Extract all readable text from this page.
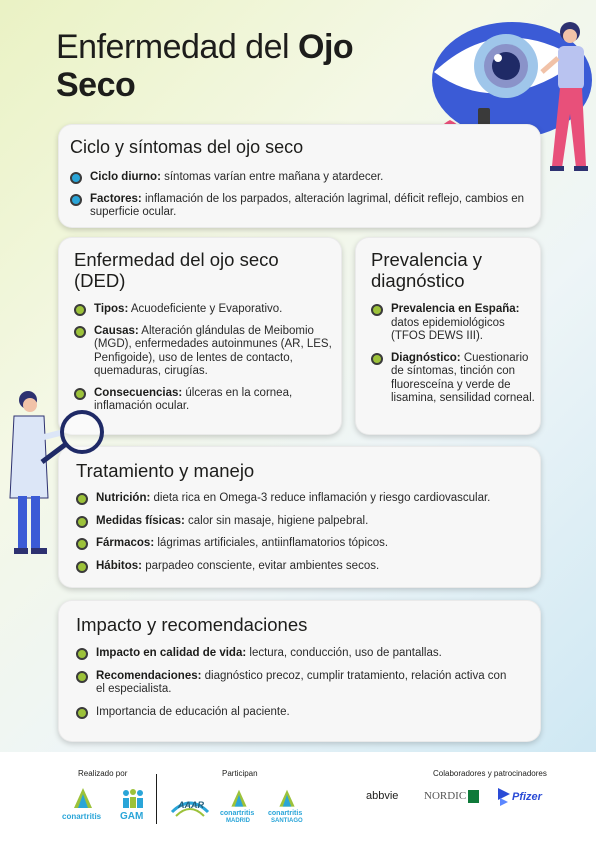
Enfermedad del Ojo
Seco
Ciclo y síntomas del ojo seco
Ciclo diurno: síntomas varían entre mañana y atardecer.
Factores: inflamación de los parpados, alteración lagrimal, déficit reflejo, cambios en superficie ocular.
Enfermedad del ojo seco (DED)
Tipos: Acuodeficiente y Evaporativo.
Causas: Alteración glándulas de Meibomio (MGD), enfermedades autoinmunes (AR, LES, Penfigoide), uso de lentes de contacto, quemaduras, cirugías.
Consecuencias: úlceras en la cornea, inflamación ocular.
Prevalencia y diagnóstico
Prevalencia en España: datos epidemiológicos (TFOS DEWS III).
Diagnóstico: Cuestionario de síntomas, tinción con fluoresceína y verde de lisamina, sensilidad corneal.
Tratamiento y manejo
Nutrición: dieta rica en Omega-3 reduce inflamación y riesgo cardiovascular.
Medidas físicas: calor sin masaje, higiene palpebral.
Fármacos: lágrimas artificiales, antiinflamatorios tópicos.
Hábitos: parpadeo consciente, evitar ambientes secos.
Impacto y recomendaciones
Impacto en calidad de vida: lectura, conducción, uso de pantallas.
Recomendaciones: diagnóstico precoz, cumplir tratamiento, relación activa con el especialista.
Importancia de educación al paciente.
Realizado por	Participan	Colaboradores y patrocinadores
conartritis GAM
AAAR
conartritis
MADRID
conartritis
SANTIAGO
abbvie NORDIC	Pfizer
